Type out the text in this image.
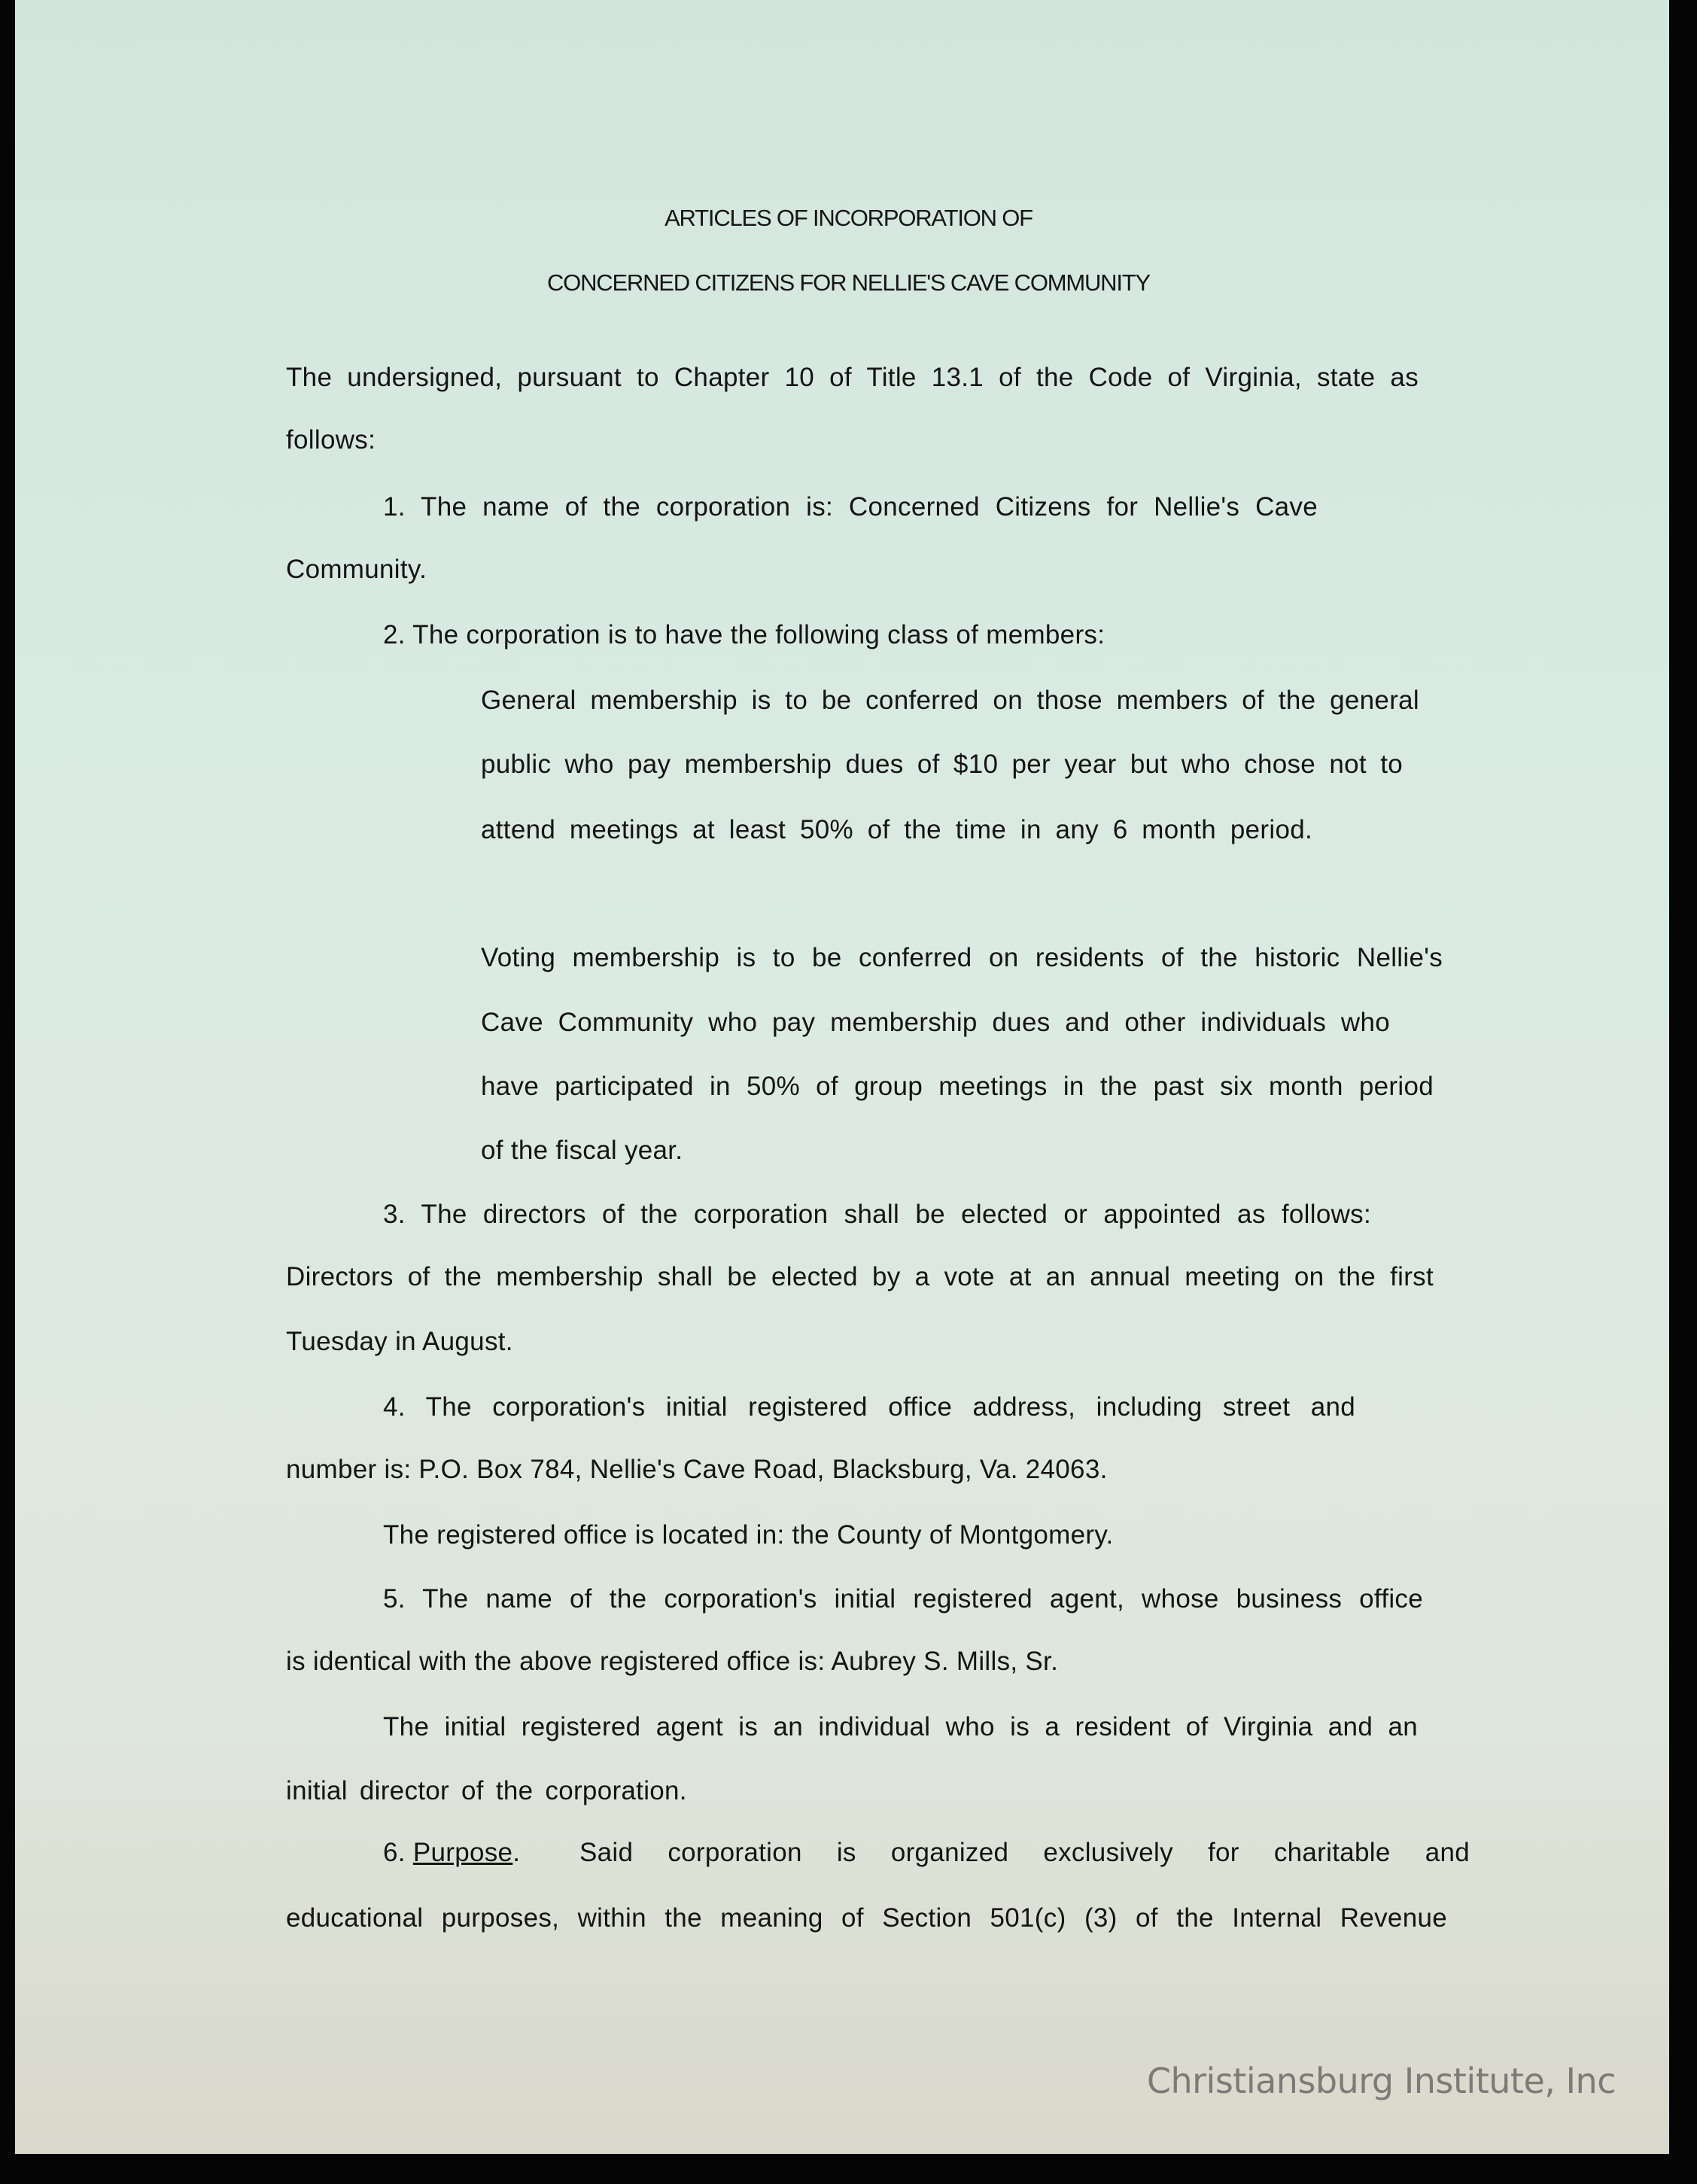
ARTICLES OF INCORPORATION OF
CONCERNED CITIZENS FOR NELLIE'S CAVE COMMUNITY
The undersigned, pursuant to Chapter 10 of Title 13.1 of the Code of Virginia, state as
follows:
1. The name of the corporation is: Concerned Citizens for Nellie's Cave
Community.
2. The corporation is to have the following class of members:
General membership is to be conferred on those members of the general
public who pay membership dues of $10 per year but who chose not to
attend meetings at least 50% of the time in any 6 month period.
Voting membership is to be conferred on residents of the historic Nellie's
Cave Community who pay membership dues and other individuals who
have participated in 50% of group meetings in the past six month period
of the fiscal year.
3. The directors of the corporation shall be elected or appointed as follows:
Directors of the membership shall be elected by a vote at an annual meeting on the first
Tuesday in August.
4. The corporation's initial registered office address, including street and
number is: P.O. Box 784, Nellie's Cave Road, Blacksburg, Va. 24063.
The registered office is located in: the County of Montgomery.
5. The name of the corporation's initial registered agent, whose business office
is identical with the above registered office is: Aubrey S. Mills, Sr.
The initial registered agent is an individual who is a resident of Virginia and an
initial director of the corporation.
6. Purpose. Said corporation is organized exclusively for charitable and
educational purposes, within the meaning of Section 501(c) (3) of the Internal Revenue
Christiansburg Institute, Inc
